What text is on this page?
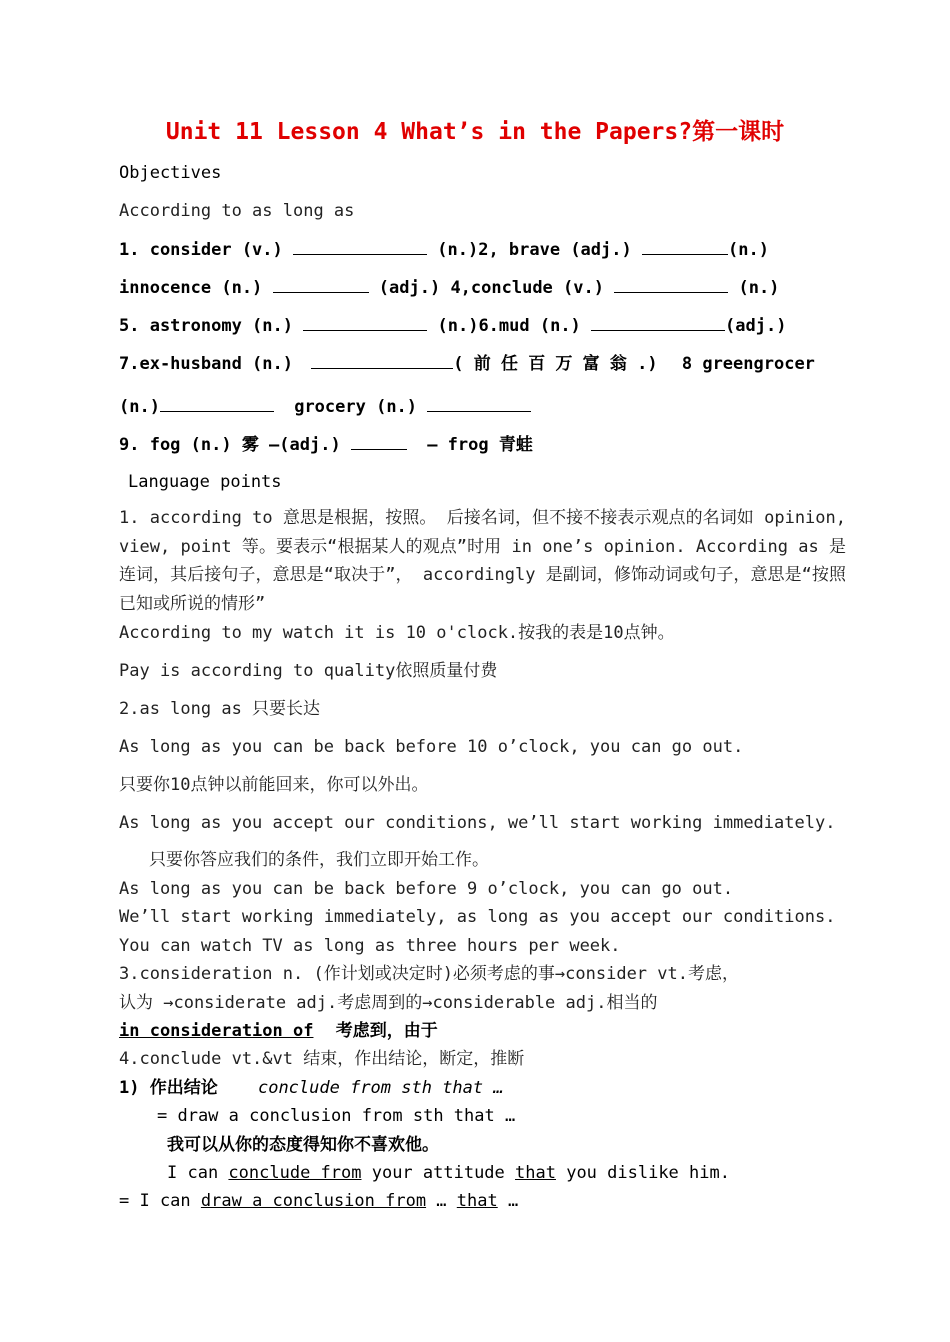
Unit 11 Lesson 4 What’s in the Papers?第一课时
Objectives
According to as long as
1. consider (v.)	(n.)2, brave (adj.)	(n.)
innocence (n.)	(adj.) 4,conclude (v.)	(n.)
5. astronomy (n.)	(n.)6.mud (n.)	(adj.)
7.ex-husband (n.)	( 前 任 百 万 富 翁 .) 8 greengrocer
(n.)	grocery (n.)
9. fog (n.) 雾 —(adj.)	— frog 青蛙
Language points
1. according to 意思是根据，按照。 后接名词，但不接不接表示观点的名词如 opinion, view, point 等。要表示“根据某人的观点”时用 in one’s opinion. According as 是连词，其后接句子，意思是“取决于”， accordingly 是副词，修饰动词或句子，意思是“按照已知或所说的情形”
According to my watch it is 10 o'clock.按我的表是10点钟。
Pay is according to quality依照质量付费
2.as long as 只要长达
As long as you can be back before 10 o’clock, you can go out.
只要你10点钟以前能回来，你可以外出。
As long as you accept our conditions, we’ll start working immediately.
只要你答应我们的条件，我们立即开始工作。
As long as you can be back before 9 o’clock, you can go out.
We’ll start working immediately, as long as you accept our conditions.
You can watch TV as long as three hours per week.
3.consideration n. (作计划或决定时)必须考虑的事→consider vt.考虑，
认为 →considerate adj.考虑周到的→considerable adj.相当的
in consideration of 考虑到，由于
4.conclude vt.&vt 结束，作出结论，断定，推断
1) 作出结论 conclude from sth that …
= draw a conclusion from sth that …
我可以从你的态度得知你不喜欢他。
I can conclude from your attitude that you dislike him.
= I can draw a conclusion from … that …
